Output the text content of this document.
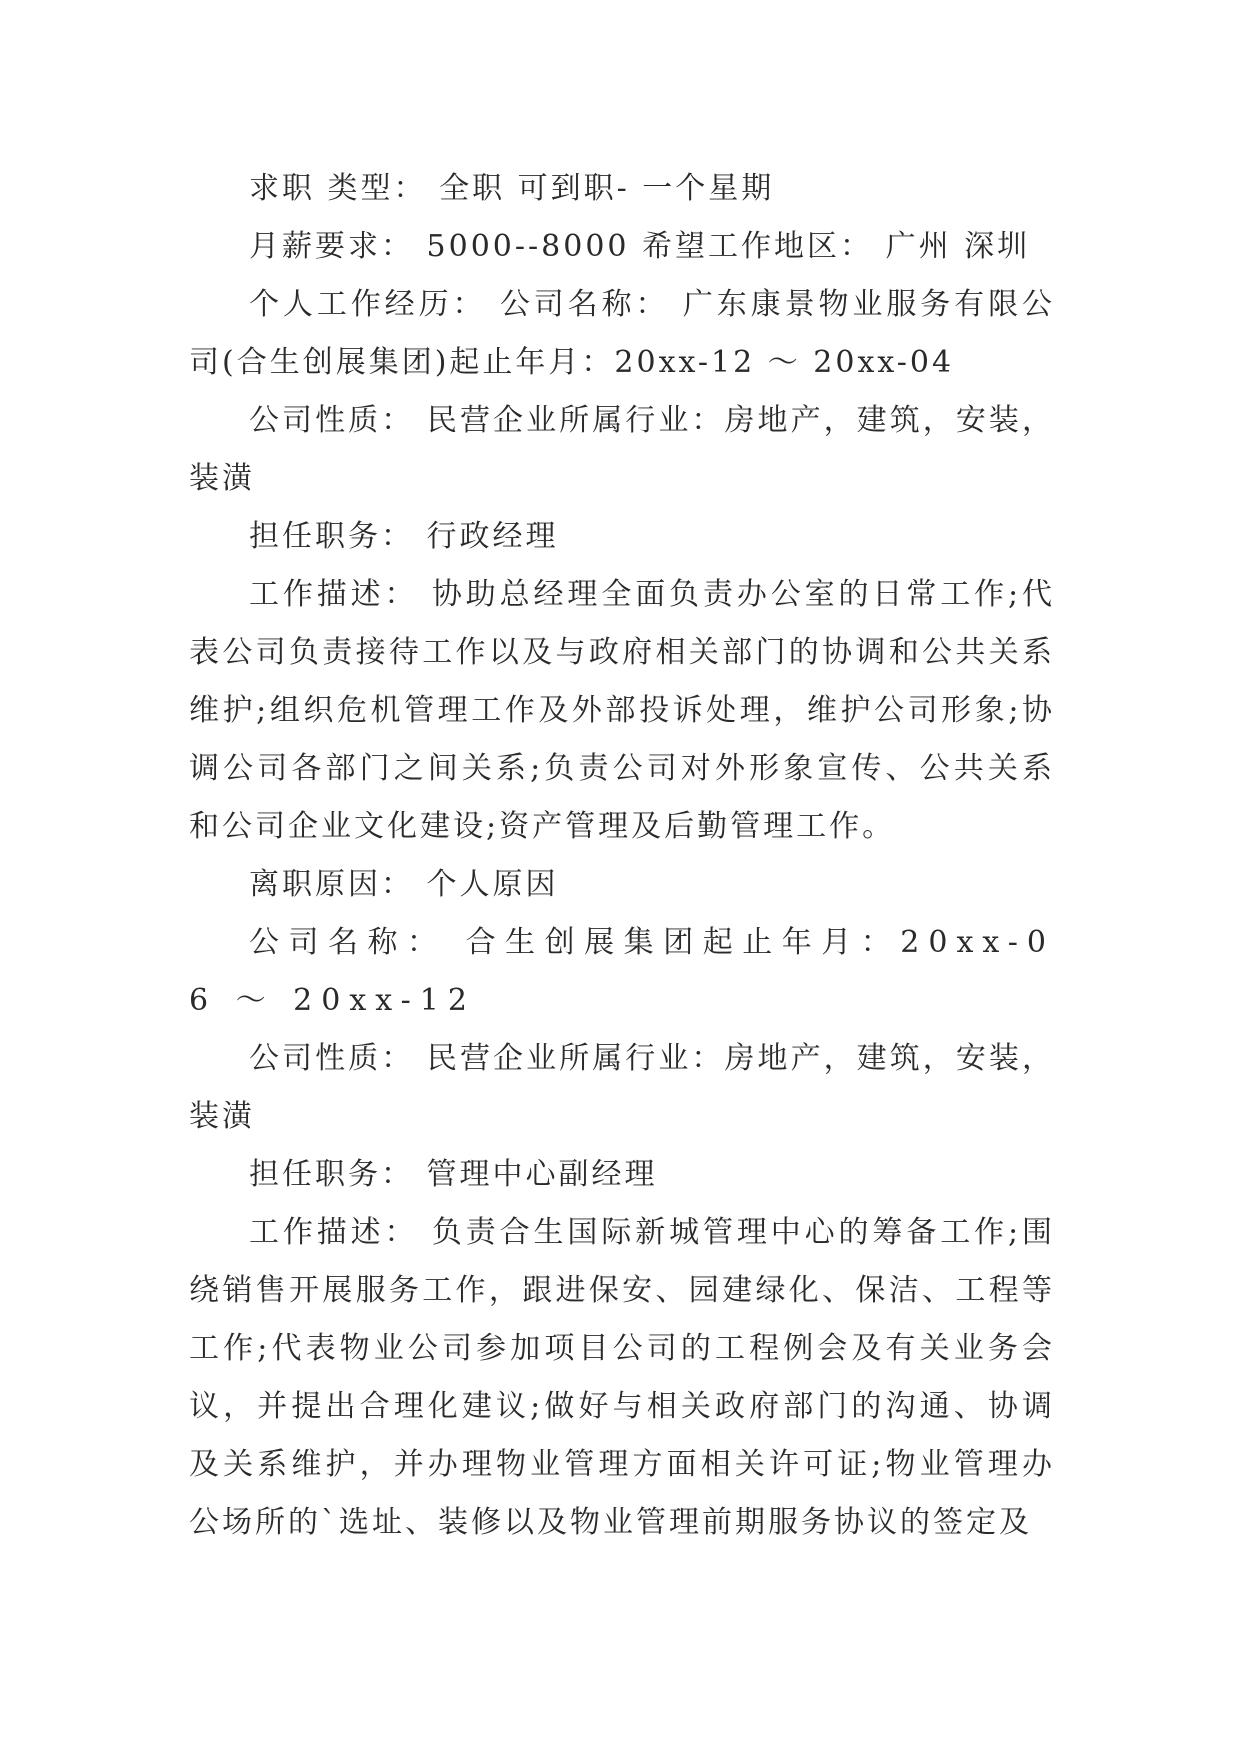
求职 类型： 全职 可到职- 一个星期

月薪要求： 5000--8000 希望工作地区： 广州 深圳

个人工作经历： 公司名称： 广东康景物业服务有限公司(合生创展集团)起止年月：20xx-12 ～ 20xx-04

公司性质： 民营企业所属行业：房地产，建筑，安装，装潢

担任职务： 行政经理

工作描述： 协助总经理全面负责办公室的日常工作;代表公司负责接待工作以及与政府相关部门的协调和公共关系维护;组织危机管理工作及外部投诉处理，维护公司形象;协调公司各部门之间关系;负责公司对外形象宣传、公共关系和公司企业文化建设;资产管理及后勤管理工作。

离职原因： 个人原因

公司名称： 合生创展集团起止年月：20xx-06 ～ 20xx-12

公司性质： 民营企业所属行业：房地产，建筑，安装，装潢

担任职务： 管理中心副经理

工作描述： 负责合生国际新城管理中心的筹备工作;围绕销售开展服务工作，跟进保安、园建绿化、保洁、工程等工作;代表物业公司参加项目公司的工程例会及有关业务会议，并提出合理化建议;做好与相关政府部门的沟通、协调及关系维护，并办理物业管理方面相关许可证;物业管理办公场所的`选址、装修以及物业管理前期服务协议的签定及
